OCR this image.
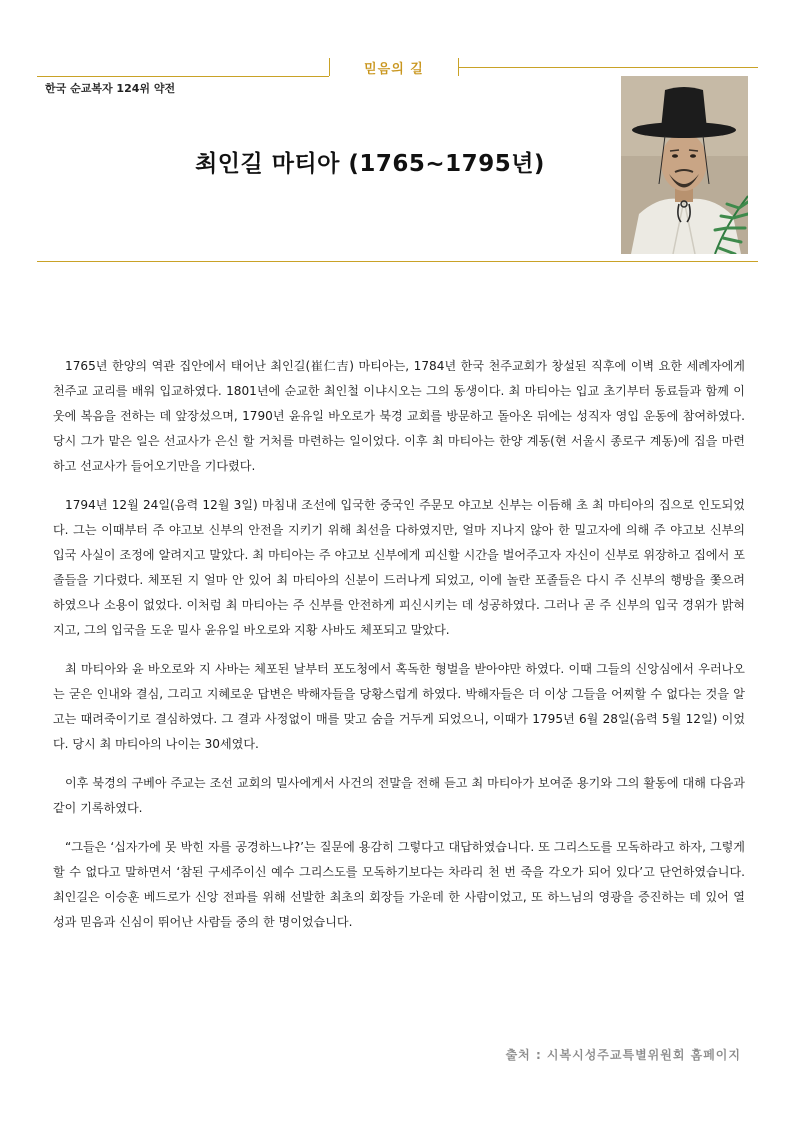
믿음의 길
한국 순교복자 124위 약전
최인길 마티아 (1765~1795년)

1765년 한양의 역관 집안에서 태어난 최인길(崔仁吉) 마티아는, 1784년 한국 천주교회가 창설된 직후에 이벽 요한 세례자에게 천주교 교리를 배워 입교하였다. 1801년에 순교한 최인철 이냐시오는 그의 동생이다. 최 마티아는 입교 초기부터 동료들과 함께 이웃에 복음을 전하는 데 앞장섰으며, 1790년 윤유일 바오로가 북경 교회를 방문하고 돌아온 뒤에는 성직자 영입 운동에 참여하였다. 당시 그가 맡은 일은 선교사가 은신 할 거처를 마련하는 일이었다. 이후 최 마티아는 한양 계동(현 서울시 종로구 계동)에 집을 마련하고 선교사가 들어오기만을 기다렸다.

1794년 12월 24일(음력 12월 3일) 마침내 조선에 입국한 중국인 주문모 야고보 신부는 이듬해 초 최 마티아의 집으로 인도되었다. 그는 이때부터 주 야고보 신부의 안전을 지키기 위해 최선을 다하였지만, 얼마 지나지 않아 한 밀고자에 의해 주 야고보 신부의 입국 사실이 조정에 알려지고 말았다. 최 마티아는 주 야고보 신부에게 피신할 시간을 벌어주고자 자신이 신부로 위장하고 집에서 포졸들을 기다렸다. 체포된 지 얼마 안 있어 최 마티아의 신분이 드러나게 되었고, 이에 놀란 포졸들은 다시 주 신부의 행방을 쫓으려 하였으나 소용이 없었다. 이처럼 최 마티아는 주 신부를 안전하게 피신시키는 데 성공하였다. 그러나 곧 주 신부의 입국 경위가 밝혀지고, 그의 입국을 도운 밀사 윤유일 바오로와 지황 사바도 체포되고 말았다.

최 마티아와 윤 바오로와 지 사바는 체포된 날부터 포도청에서 혹독한 형벌을 받아야만 하였다. 이때 그들의 신앙심에서 우러나오는 굳은 인내와 결심, 그리고 지혜로운 답변은 박해자들을 당황스럽게 하였다. 박해자들은 더 이상 그들을 어찌할 수 없다는 것을 알고는 때려죽이기로 결심하였다. 그 결과 사정없이 매를 맞고 숨을 거두게 되었으니, 이때가 1795년 6월 28일(음력 5월 12일) 이었다. 당시 최 마티아의 나이는 30세였다.

이후 북경의 구베아 주교는 조선 교회의 밀사에게서 사건의 전말을 전해 듣고 최 마티아가 보여준 용기와 그의 활동에 대해 다음과 같이 기록하였다.

“그들은 ‘십자가에 못 박힌 자를 공경하느냐?’는 질문에 용감히 그렇다고 대답하였습니다. 또 그리스도를 모독하라고 하자, 그렇게 할 수 없다고 말하면서 ‘참된 구세주이신 예수 그리스도를 모독하기보다는 차라리 천 번 죽을 각오가 되어 있다’고 단언하였습니다. 최인길은 이승훈 베드로가 신앙 전파를 위해 선발한 최초의 회장들 가운데 한 사람이었고, 또 하느님의 영광을 증진하는 데 있어 열성과 믿음과 신심이 뛰어난 사람들 중의 한 명이었습니다.

출처 : 시복시성주교특별위원회 홈페이지
